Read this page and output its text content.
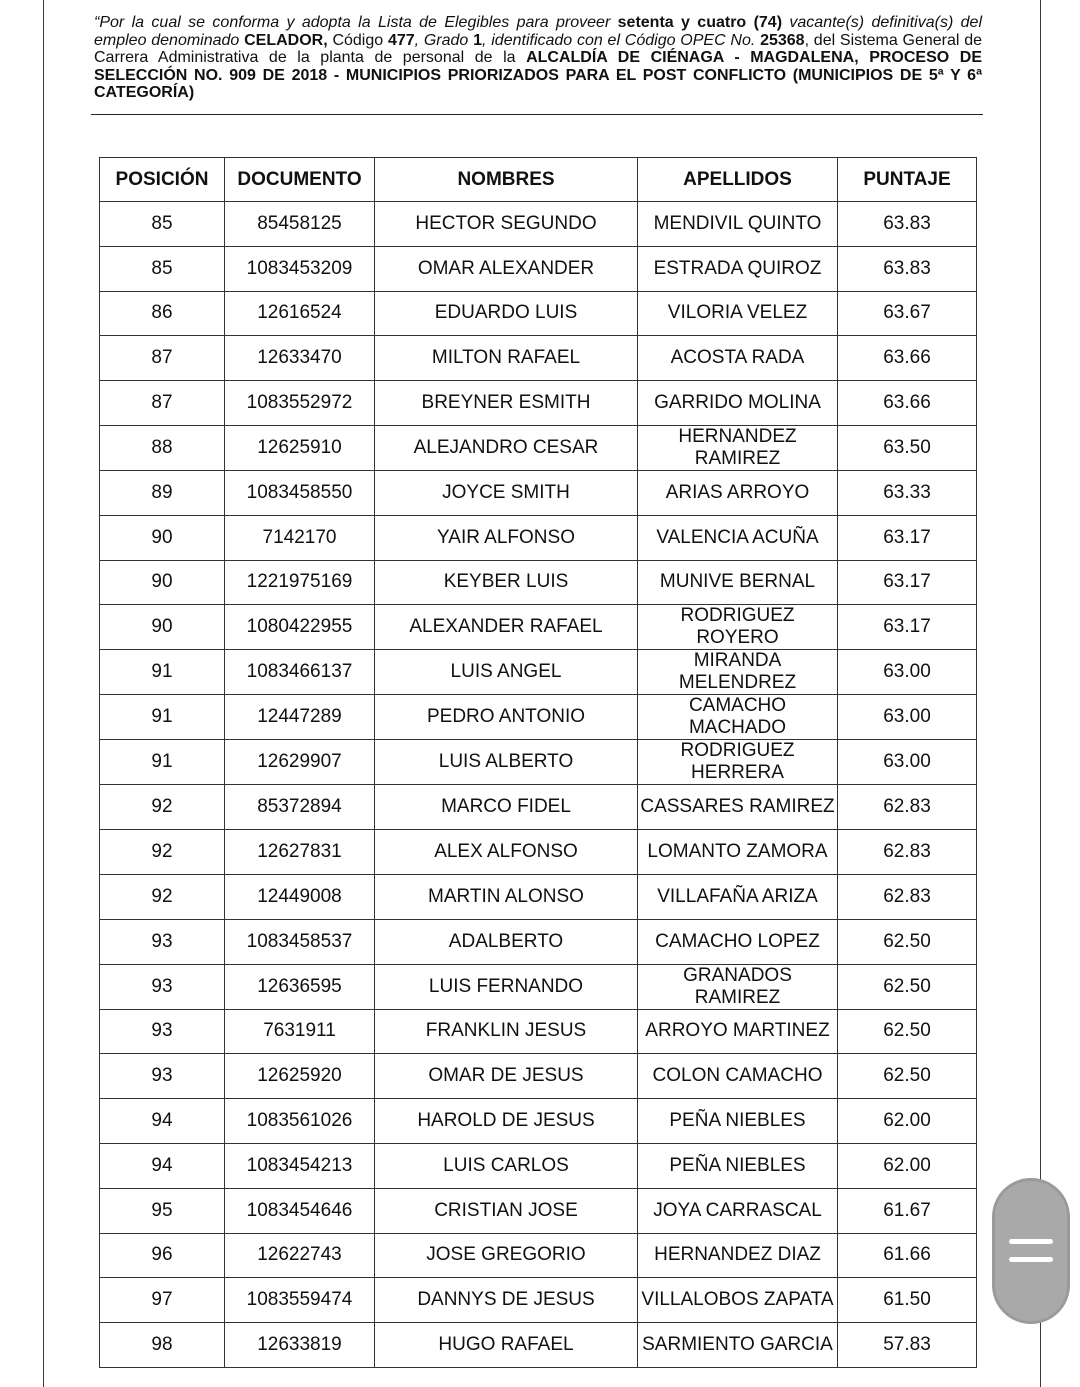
“Por la cual se conforma y adopta la Lista de Elegibles para proveer setenta y cuatro (74) vacante(s) definitiva(s) del empleo denominado CELADOR, Código 477, Grado 1, identificado con el Código OPEC No. 25368, del Sistema General de Carrera Administrativa de la planta de personal de la ALCALDÍA DE CIÉNAGA - MAGDALENA, PROCESO DE SELECCIÓN NO. 909 DE 2018 - MUNICIPIOS PRIORIZADOS PARA EL POST CONFLICTO (MUNICIPIOS DE 5ª Y 6ª CATEGORÍA)
POSICIÓN	DOCUMENTO	NOMBRES	APELLIDOS	PUNTAJE
85	85458125	HECTOR SEGUNDO	MENDIVIL QUINTO	63.83
85	1083453209	OMAR ALEXANDER	ESTRADA QUIROZ	63.83
86	12616524	EDUARDO LUIS	VILORIA VELEZ	63.67
87	12633470	MILTON RAFAEL	ACOSTA RADA	63.66
87	1083552972	BREYNER ESMITH	GARRIDO MOLINA	63.66
88	12625910	ALEJANDRO CESAR	HERNANDEZ RAMIREZ	63.50
89	1083458550	JOYCE SMITH	ARIAS ARROYO	63.33
90	7142170	YAIR ALFONSO	VALENCIA ACUÑA	63.17
90	1221975169	KEYBER LUIS	MUNIVE BERNAL	63.17
90	1080422955	ALEXANDER RAFAEL	RODRIGUEZ ROYERO	63.17
91	1083466137	LUIS ANGEL	MIRANDA MELENDREZ	63.00
91	12447289	PEDRO ANTONIO	CAMACHO MACHADO	63.00
91	12629907	LUIS ALBERTO	RODRIGUEZ HERRERA	63.00
92	85372894	MARCO FIDEL	CASSARES RAMIREZ	62.83
92	12627831	ALEX ALFONSO	LOMANTO ZAMORA	62.83
92	12449008	MARTIN ALONSO	VILLAFAÑA ARIZA	62.83
93	1083458537	ADALBERTO	CAMACHO LOPEZ	62.50
93	12636595	LUIS FERNANDO	GRANADOS RAMIREZ	62.50
93	7631911	FRANKLIN JESUS	ARROYO MARTINEZ	62.50
93	12625920	OMAR DE JESUS	COLON CAMACHO	62.50
94	1083561026	HAROLD DE JESUS	PEÑA NIEBLES	62.00
94	1083454213	LUIS CARLOS	PEÑA NIEBLES	62.00
95	1083454646	CRISTIAN JOSE	JOYA CARRASCAL	61.67
96	12622743	JOSE GREGORIO	HERNANDEZ DIAZ	61.66
97	1083559474	DANNYS DE JESUS	VILLALOBOS ZAPATA	61.50
98	12633819	HUGO RAFAEL	SARMIENTO GARCIA	57.83
